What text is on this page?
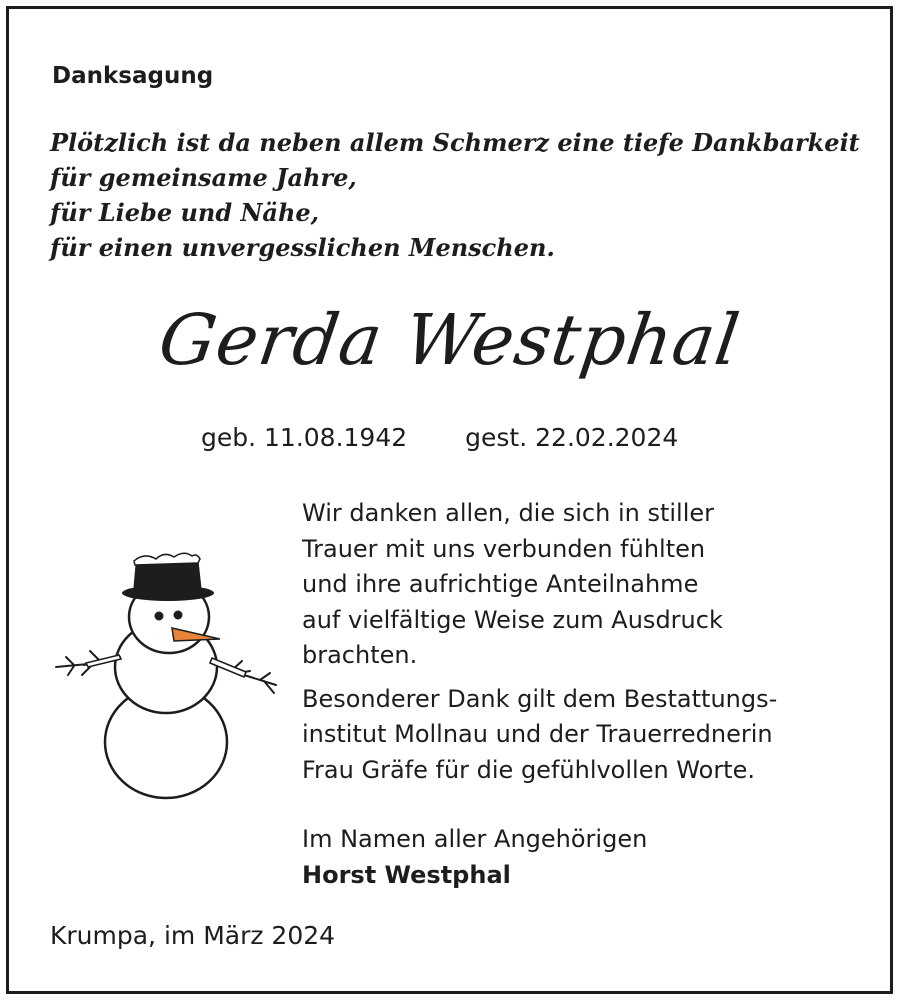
Danksagung

Plötzlich ist da neben allem Schmerz eine tiefe Dankbarkeit
für gemeinsame Jahre,
für Liebe und Nähe,
für einen unvergesslichen Menschen.

Gerda Westphal
geb. 11.08.1942 gest. 22.02.2024
Wir danken allen, die sich in stiller
Trauer mit uns verbunden fühlten
und ihre aufrichtige Anteilnahme
auf vielfältige Weise zum Ausdruck
brachten.
Besonderer Dank gilt dem Bestattungs-
institut Mollnau und der Trauerrednerin
Frau Gräfe für die gefühlvollen Worte.
Im Namen aller Angehörigen
Horst Westphal
Krumpa, im März 2024
